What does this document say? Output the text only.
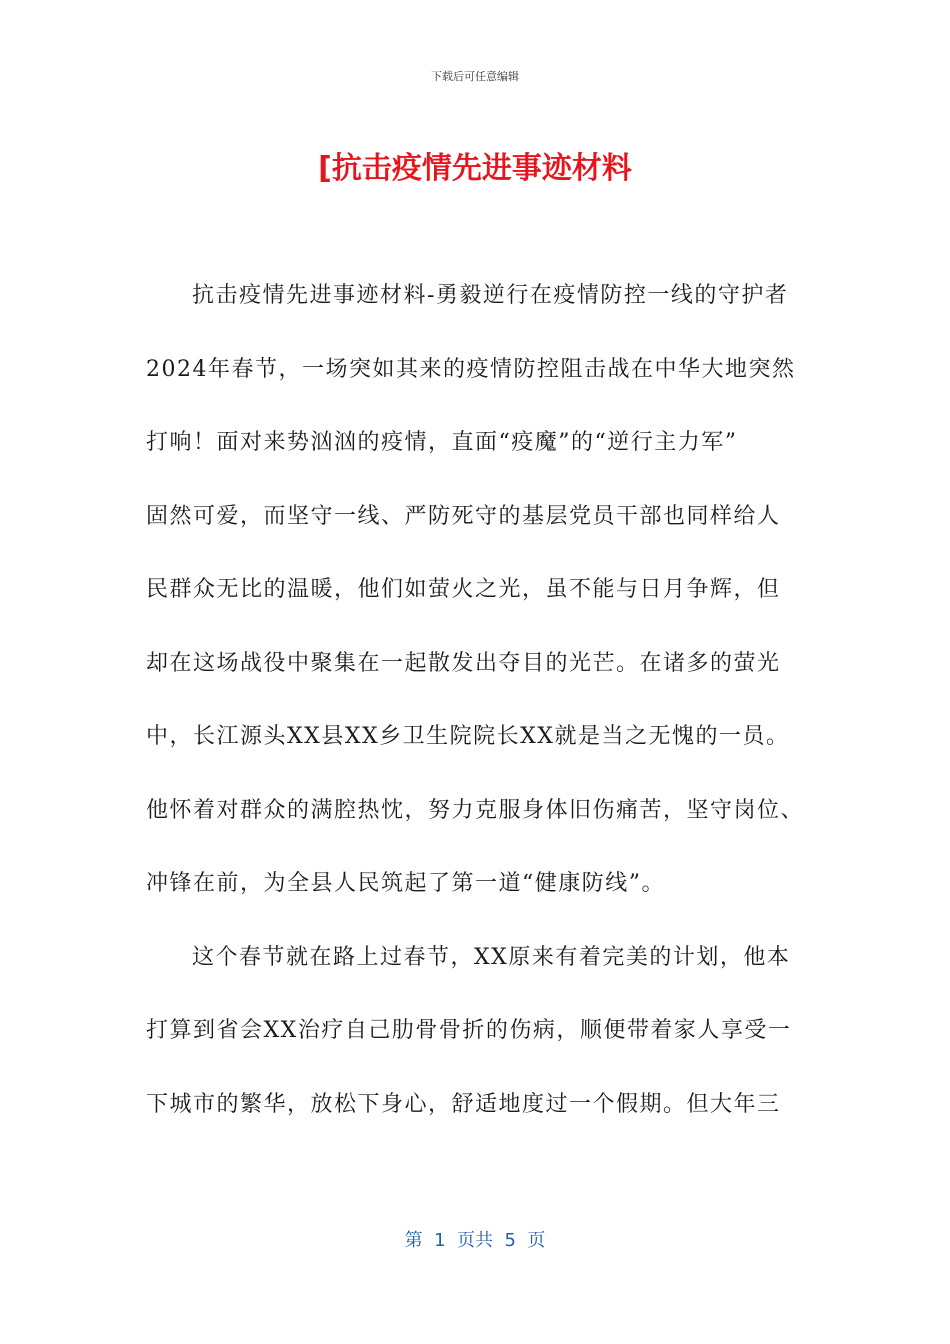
下载后可任意编辑
[抗击疫情先进事迹材料
抗击疫情先进事迹材料-勇毅逆行在疫情防控一线的守护者
2024年春节，一场突如其来的疫情防控阻击战在中华大地突然
打响！面对来势汹汹的疫情，直面“疫魔”的“逆行主力军”
固然可爱，而坚守一线、严防死守的基层党员干部也同样给人
民群众无比的温暖，他们如萤火之光，虽不能与日月争辉，但
却在这场战役中聚集在一起散发出夺目的光芒。在诸多的萤光
中，长江源头XX县XX乡卫生院院长XX就是当之无愧的一员。
他怀着对群众的满腔热忱，努力克服身体旧伤痛苦，坚守岗位、
冲锋在前，为全县人民筑起了第一道“健康防线”。
这个春节就在路上过春节，XX原来有着完美的计划，他本
打算到省会XX治疗自己肋骨骨折的伤病，顺便带着家人享受一
下城市的繁华，放松下身心，舒适地度过一个假期。但大年三
第  1  页共  5  页
